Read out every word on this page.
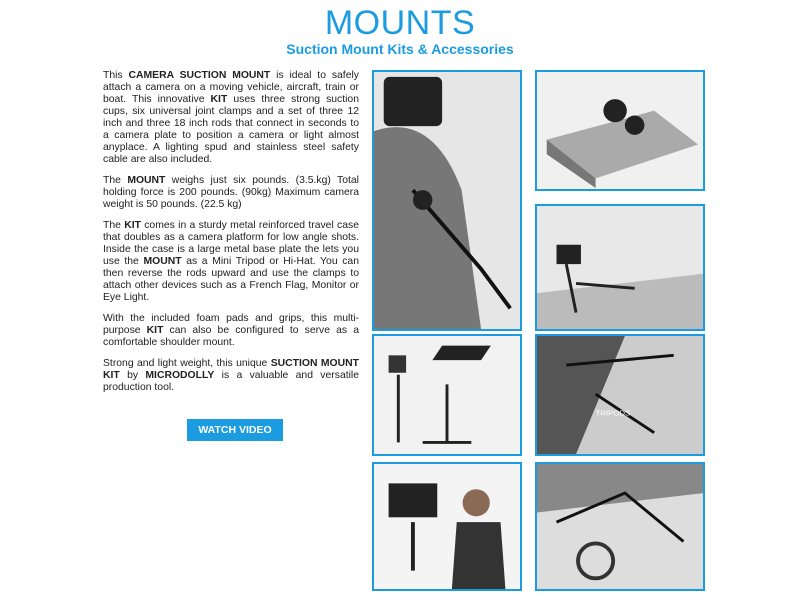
MOUNTS
Suction Mount Kits & Accessories

This CAMERA SUCTION MOUNT is ideal to safely attach a camera on a moving vehicle, aircraft, train or boat. This innovative KIT uses three strong suction cups, six universal joint clamps and a set of three 12 inch and three 18 inch rods that connect in seconds to a camera plate to position a camera or light almost anyplace. A lighting spud and stainless steel safety cable are also included.

The MOUNT weighs just six pounds. (3.5.kg) Total holding force is 200 pounds. (90kg) Maximum camera weight is 50 pounds. (22.5 kg)

The KIT comes in a sturdy metal reinforced travel case that doubles as a camera platform for low angle shots. Inside the case is a large metal base plate the lets you use the MOUNT as a Mini Tripod or Hi-Hat. You can then reverse the rods upward and use the clamps to attach other devices such as a French Flag, Monitor or Eye Light.

With the included foam pads and grips, this multi-purpose KIT can also be configured to serve as a comfortable shoulder mount.

Strong and light weight, this unique SUCTION MOUNT KIT by MICRODOLLY is a valuable and versatile production tool.

WATCH VIDEO
TRIPODS
